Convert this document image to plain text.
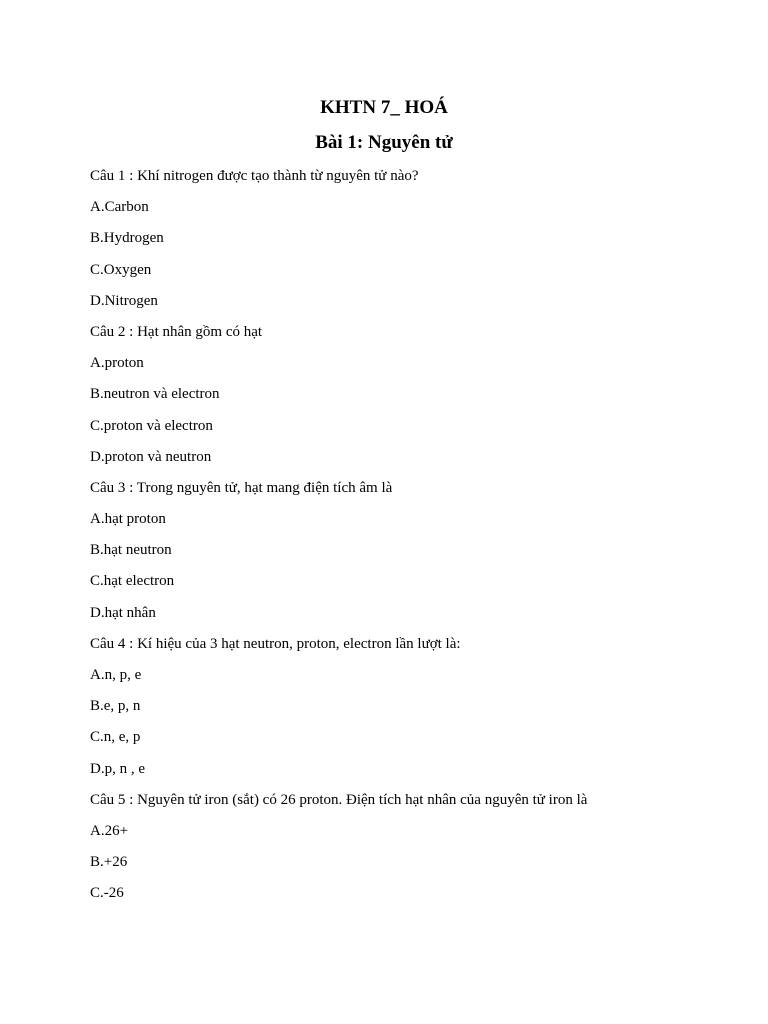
KHTN 7_ HOÁ
Bài 1: Nguyên tử
Câu 1 : Khí nitrogen được tạo thành từ nguyên tử nào?
A.Carbon
B.Hydrogen
C.Oxygen
D.Nitrogen
Câu 2 : Hạt nhân gồm có hạt
A.proton
B.neutron và electron
C.proton và electron
D.proton và neutron
Câu 3 : Trong nguyên tử, hạt mang điện tích âm là
A.hạt proton
B.hạt neutron
C.hạt electron
D.hạt nhân
Câu 4 : Kí hiệu của 3 hạt neutron, proton, electron lần lượt là:
A.n, p, e
B.e, p, n
C.n, e, p
D.p, n , e
Câu 5 : Nguyên tử iron (sắt) có 26 proton. Điện tích hạt nhân của nguyên tử iron là
A.26+
B.+26
C.-26
